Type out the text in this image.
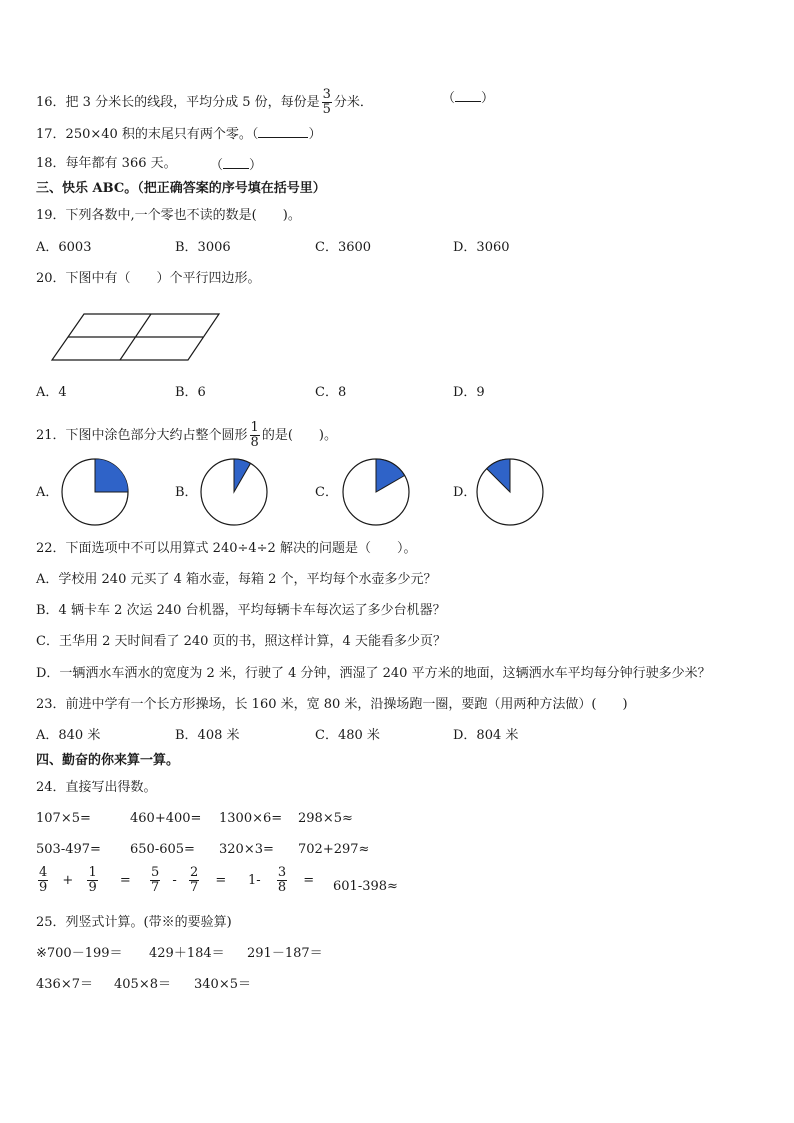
16．把 3 分米长的线段，平均分成 5 份，每份是 $\frac{3}{5}$ 分米．	（ ）
17．250×40 积的末尾只有两个零。（	）
18．每年都有 366 天。	（ ）
三、快乐 ABC。（把正确答案的序号填在括号里）
19．下列各数中,一个零也不读的数是(　　)。
A．6003	B．3006	C．3600	D．3060
20．下图中有（　　）个平行四边形。
A．4	B．6	C．8	D．9
21．下图中涂色部分大约占整个圆形 $\frac{1}{8}$ 的是(　　)。
A．	B．	C．	D．
22．下面选项中不可以用算式 240÷4÷2 解决的问题是（　　）。
A．学校用 240 元买了 4 箱水壶，每箱 2 个，平均每个水壶多少元？
B．4 辆卡车 2 次运 240 台机器，平均每辆卡车每次运了多少台机器？
C．王华用 2 天时间看了 240 页的书，照这样计算，4 天能看多少页？
D．一辆洒水车洒水的宽度为 2 米，行驶了 4 分钟，洒湿了 240 平方米的地面，这辆洒水车平均每分钟行驶多少米？
23．前进中学有一个长方形操场，长 160 米，宽 80 米，沿操场跑一圈，要跑（用两种方法做）(　　)
A．840 米	B．408 米	C．480 米	D．804 米
四、勤奋的你来算一算。
24．直接写出得数。
107×5=	460+400= 1300×6= 298×5≈
503-497= 650-605= 320×3= 702+297≈
$\frac{4}{9} + \frac{1}{9} = \frac{5}{7} - \frac{2}{7} = 1- \frac{3}{8} = 601-398\approx$
25．列竖式计算。(带※的要验算)
※700－199＝ 429＋184＝ 291－187＝
436×7＝ 405×8＝ 340×5＝
